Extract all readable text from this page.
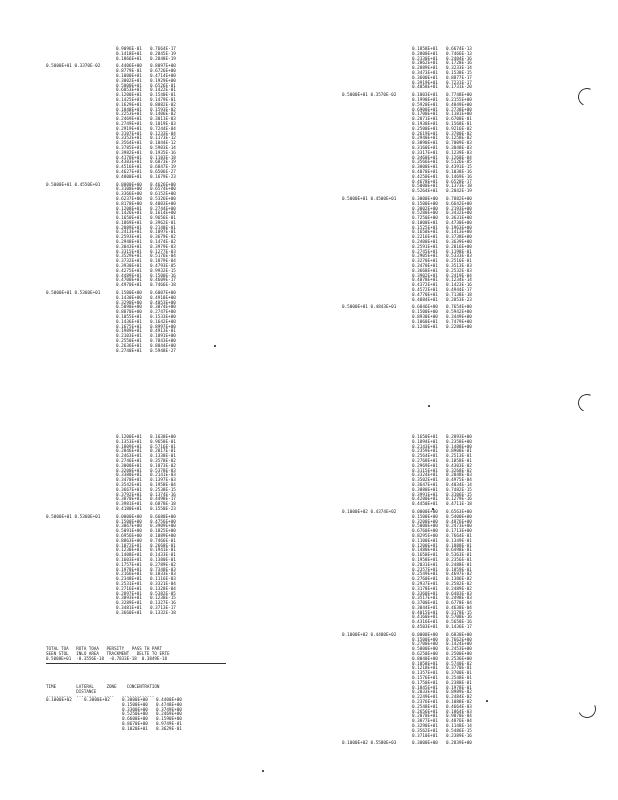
0.9096E-01 0.7664E-17
0.1418E+01 0.2845E-19
0.1866E+01 0.2848E-19
0.5000E+01 0.3370E-02	0.4406E+00 0.8097E+00
0.8779E-01 0.6726E+00
0.1000E+01 0.4714E+00
0.3002E+01 0.1929E+00
0.5000E+01 0.6526E-01
0.6053E+01 0.1422E-01
0.1200E+01 0.1540E-01
0.1425E+01 0.1479E-01
0.1629E+01 0.8882E-02
0.1848E+01 0.1593E-02
0.2253E+01 0.1406E-02
0.2469E+01 0.3011E-03
0.2749E+01 0.1019E-03
0.2919E+01 0.7244E-04
0.3107E+01 0.1233E-04
0.3352E+01 0.1173E-12
0.3564E+01 0.1044E-12
0.3785E+01 0.5903E-14
0.3982E+01 0.1935E-16
0.4170E+01 0.1183E-18
0.4383E+01 0.6873E-19
0.4516E+01 0.6847E-19
0.4627E+01 0.6506E-27
0.4800E+01 0.1679E-23
0.5000E+01 0.4550E+01	0.8000E+00 0.4626E+00
0.3100E+00 0.6574E+00
0.3366E+00 0.6152E+00
0.6237E+00 0.5326E+00
0.8170E+00 0.4003E+00
0.1208E+01 0.2744E+00
0.1426E+01 0.1614E+00
0.1650E+01 0.9656E-01
0.1869E+01 0.3962E-01
0.2089E+01 0.2148E-01
0.2413E+01 0.1097E-01
0.2593E+01 0.3679E-02
0.2948E+01 0.1474E-02
0.3043E+01 0.3979E-03
0.3315E+01 0.1277E-03
0.3529E+01 0.5176E-04
0.3732E+01 0.1879E-04
0.3930E+01 0.4793E-05
0.4275E+01 0.9932E-15
0.4489E+01 0.1500E-16
0.4700E+01 0.4609E-17
0.4970E+01 0.7466E-18
0.5000E+01 0.5360E+01	0.1500E+00 0.6007E+00
0.1430E+00 0.4918E+00
0.3290E+00 0.4053E+00
0.5090E+00 0.3074E+00
0.8870E+00 0.2747E+00
0.1055E+01 0.1533E+00
0.1436E+01 0.1642E+00
0.1675E+01 0.8997E+00
0.1989E+01 0.4913E-01
0.2103E+01 0.1891E+00
0.2550E+01 0.7843E+00
0.2636E+01 0.8844E+00
0.2740E+01 0.5948E-27
0.1858E+01 0.6674E-13
0.2000E+01 0.7466E-13
0.2330E+01 0.2404E-16
0.2862E+01 0.1728E-16
0.2889E+01 0.3233E-14
0.3473E+01 0.1538E-15
0.3600E+01 0.8877E-17
0.3919E+01 0.7231E-17
0.4058E+01 0.1731E-20
0.5000E+01 0.3570E-02	0.1003E+01 0.7748E+00
0.1990E+01 0.2155E+00
0.5920E+01 0.4849E+00
0.6900E+01 0.2738E+00
0.1700E+01 0.1181E+00
0.2071E+01 0.6708E-01
0.1930E+01 0.1568E-01
0.2500E+01 0.9216E-02
0.2619E+01 0.3780E-02
0.2940E+01 0.1258E-02
0.3090E+01 0.7009E-03
0.3160E+01 0.3048E-03
0.3317E+01 0.1239E-03
0.3460E+01 0.1268E-04
0.3566E+01 0.5126E-05
0.3800E+01 0.4391E-15
0.4070E+01 0.1038E-16
0.4250E+01 0.1469E-16
0.4678E+01 0.6528E-17
0.5000E+01 0.1373E-18
0.5264E+01 0.2042E-19
0.5000E+01 0.4500E+01	0.3000E+00 0.7882E+00
0.1500E+00 0.6642E+00
0.3002E+00 0.2193E+00
0.5280E+00 0.3432E+00
0.7250E+00 0.3631E+00
0.1000E+01 0.4730E+00
0.1525E+01 0.1963E+00
0.1650E+01 0.1413E+00
0.2216E+01 0.3738E+00
0.2400E+01 0.3639E+00
0.2591E+01 0.2016E+00
0.2745E+01 0.1198E-01
0.2905E+01 0.5333E-03
0.3270E+01 0.2516E-01
0.3470E+01 0.3513E-03
0.3668E+01 0.2532E-03
0.3902E+01 0.2419E-04
0.4078E+01 0.1234E-14
0.4372E+01 0.1423E-16
0.4572E+01 0.4944E-17
0.4770E+01 0.7138E-18
0.4884E+01 0.2853E-23
0.5000E+01 0.4843E+01	0.6846E+00 0.7654E+00
0.1500E+00 0.5942E+00
0.8930E+00 0.3449E+00
0.1060E+01 0.7479E+00
0.1240E+01 0.2288E+00
0.1200E+01 0.1638E+00
0.1353E+01 0.9658E-01
0.1809E+01 0.5716E-01
0.2046E+01 0.2817E-01
0.2463E+01 0.1338E-01
0.2746E+01 0.3578E-02
0.3000E+01 0.1873E-02
0.3200E+01 0.5378E-03
0.3380E+01 0.2141E-03
0.3470E+01 0.1397E-03
0.3542E+01 0.1958E-04
0.3667E+01 0.2538E-15
0.3792E+01 0.1374E-16
0.3870E+01 0.4498E-17
0.3981E+01 0.6878E-18
0.4180E+01 0.1550E-23
0.5000E+01 0.5360E+01	0.0000E+00 0.6688E+00
0.1500E+00 0.4756E+00
0.3067E+00 0.3909E+00
0.5091E+00 0.1825E+00
0.6956E+00 0.1089E+00
0.8863E+00 0.7466E-01
0.1072E+01 0.2668E-01
0.1230E+01 0.1941E-01
0.1408E+01 0.1433E-01
0.1603E+01 0.1380E-01
0.1757E+01 0.2789E-02
0.1978E+01 0.7348E-03
0.2166E+01 0.1033E-03
0.2348E+01 0.1116E-03
0.2531E+01 0.3321E-04
0.2716E+01 0.1328E-04
0.2897E+01 0.5382E-05
0.3093E+01 0.1238E-15
0.3289E+01 0.1327E-16
0.3481E+01 0.3713E-17
0.3660E+01 0.1332E-18
TOTAL TOA   ROTA TOAA   PERSITY   PASS TH PART
SEEN STOL   INLO AREA   TRACKMENT   DELTE TO ERTE
0.5008E+01  -0.3556E-18  -0.7833E-18  0.3849E-18
TIME        LATERAL     ZONE    CONCENTRATION
DISTANCE
----------  --------   ----   -------------
0.1000E+02	0.3000E+02	0.3000E+00 0.4400E+00
0.1500E+00 0.4748E+00
0.3300E+00 0.3749E+00
0.5250E+00 0.2469E+00
0.6600E+00 0.1590E+00
0.8670E+00 0.9749E-01
0.1020E+01 0.3629E-01
0.1650E+01 0.2893E+00
0.1894E+01 0.2358E+00
0.2143E+01 0.1488E+00
0.2359E+01 0.8908E-01
0.2564E+01 0.2513E-01
0.2768E+01 0.1858E-01
0.2969E+01 0.4303E-02
0.3115E+01 0.3268E-02
0.3324E+01 0.2048E-03
0.3502E+01 0.4975E-04
0.3647E+01 0.4034E-14
0.3880E+01 0.7482E-15
0.3991E+01 0.3106E-15
0.4200E+01 0.1279E-16
0.4450E+01 0.4711E-18
0.1000E+02 0.4374E+02	0.0000E+00 0.6563E+00
0.1500E+00 0.5400E+00
0.3200E+00 0.4876E+00
0.5000E+00 0.2473E+00
0.6760E+00 0.1713E+00
0.8295E+00 0.7664E-01
0.1100E+01 0.1349E-01
0.1200E+01 0.1888E-01
0.1480E+01 0.6498E-01
0.1650E+01 0.5363E-01
0.1958E+01 0.2356E-01
0.2031E+01 0.2488E-01
0.2357E+01 0.1859E-01
0.2549E+01 0.4697E-02
0.2760E+01 0.1386E-02
0.2937E+01 0.2582E-02
0.3178E+01 0.2489E-02
0.3360E+01 0.6483E-03
0.3517E+01 0.2498E-03
0.3700E+01 0.6778E-04
0.3844E+01 0.4638E-04
0.4015E+01 0.3178E-15
0.4160E+01 0.5708E-16
0.4316E+01 0.5658E-16
0.4503E+01 0.1436E-17
0.1000E+02 0.4400E+02	0.0000E+00 0.6830E+00
0.1500E+00 0.7662E+00
0.2700E+00 0.1424E+00
0.5000E+00 0.2453E+00
0.6250E+00 0.2500E+00
0.8040E+00 0.2536E+00
0.1058E+01 0.5740E-02
0.1218E+01 0.3770E-01
0.1357E+01 0.3700E-01
0.1576E+01 0.2548E-01
0.1750E+01 0.2388E-01
0.1845E+01 0.1978E-01
0.2033E+01 0.8989E-02
0.2249E+01 0.2484E-02
0.2376E+01 0.1088E-02
0.2548E+01 0.4664E-03
0.2656E+01 0.1864E-03
0.2870E+01 0.9070E-04
0.3077E+01 0.4876E-04
0.3290E+01 0.1148E-14
0.3562E+01 0.5486E-15
0.3710E+01 0.2389E-16
0.1000E+02 0.5580E+03	0.3000E+00 0.2839E+00
